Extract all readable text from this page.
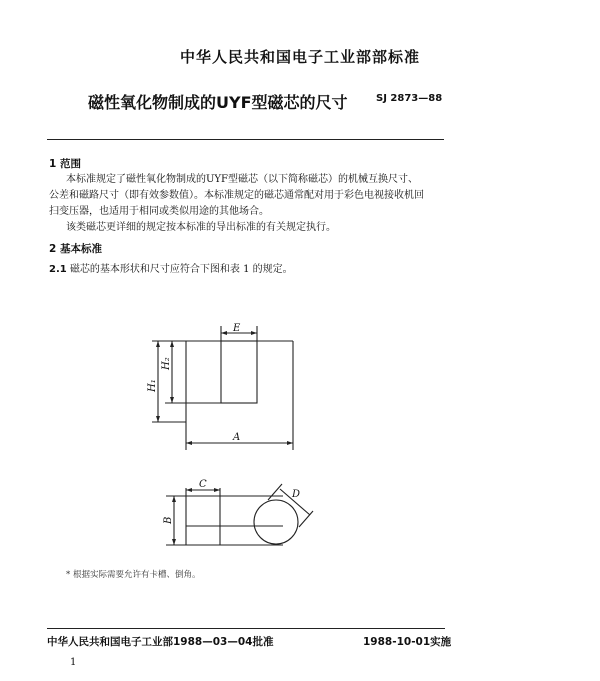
中华人民共和国电子工业部部标准
磁性氧化物制成的UYF型磁芯的尺寸	SJ 2873—88
1 范围
本标准规定了磁性氧化物制成的UYF型磁芯（以下简称磁芯）的机械互换尺寸、
公差和磁路尺寸（即有效参数值）。本标准规定的磁芯通常配对用于彩色电视接收机回
扫变压器，也适用于相同或类似用途的其他场合。
该类磁芯更详细的规定按本标准的导出标准的有关规定执行。
2 基本标准
2.1 磁芯的基本形状和尺寸应符合下图和表 1 的规定。
E
H₁
H₂
A
C
B
D
* 根据实际需要允许有卡槽、倒角。
中华人民共和国电子工业部1988—03—04批准	1988-10-01实施
1
